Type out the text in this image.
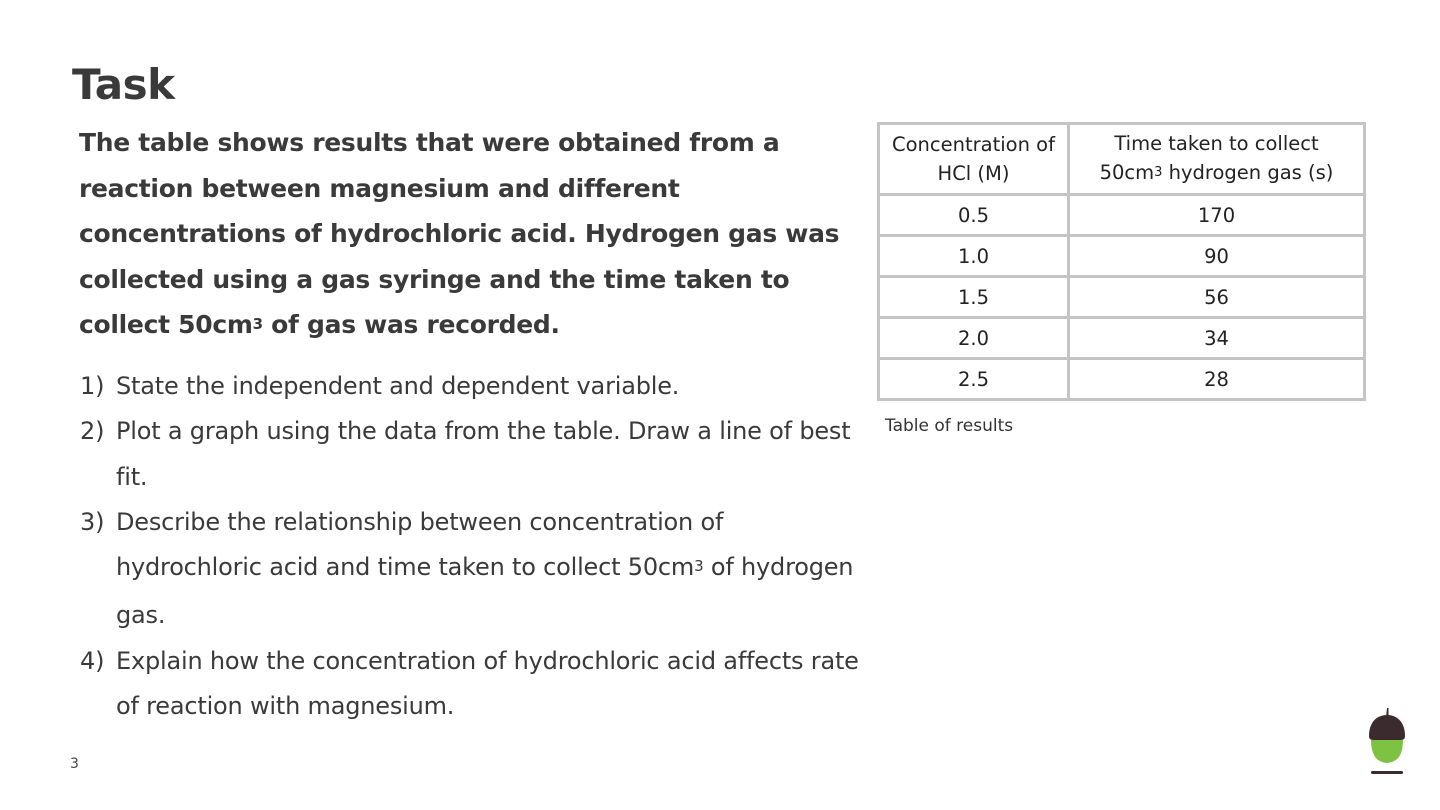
Task

The table shows results that were obtained from a reaction between magnesium and different concentrations of hydrochloric acid. Hydrogen gas was collected using a gas syringe and the time taken to collect $50cm^3$ of gas was recorded.

1) State the independent and dependent variable.
2) Plot a graph using the data from the table. Draw a line of best fit.
3) Describe the relationship between concentration of hydrochloric acid and time taken to collect $50cm^3$ of hydrogen gas.
4) Explain how the concentration of hydrochloric acid affects rate of reaction with magnesium.
Concentration of HCl (M)	Time taken to collect
$50cm^3$ hydrogen gas (s)
0.5	170
1.0	90
1.5	56
2.0	34
2.5	28

Table of results

3
